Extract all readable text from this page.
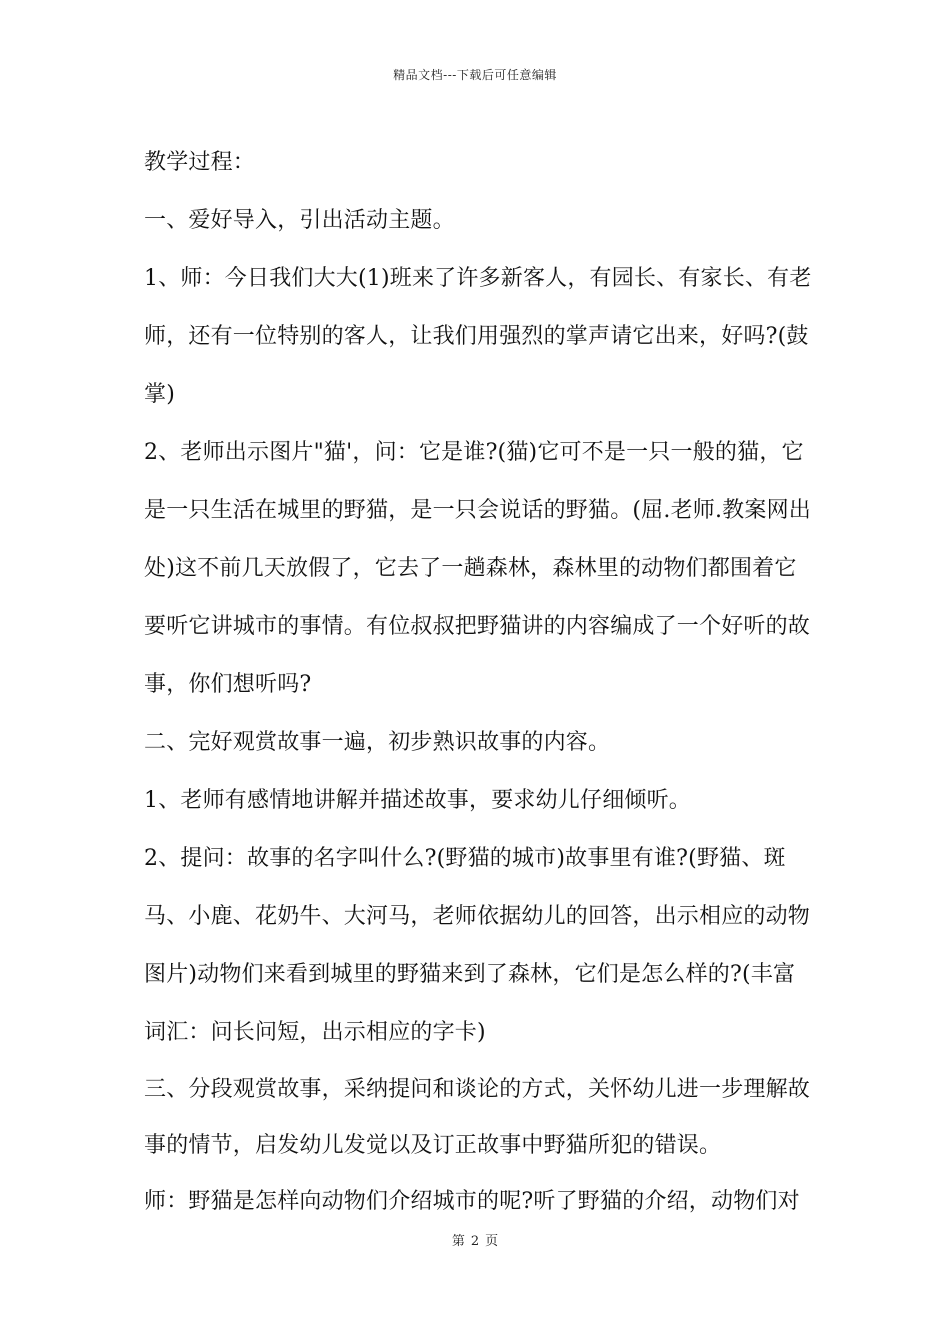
精品文档---下载后可任意编辑

教学过程：

一、爱好导入，引出活动主题。

1、师：今日我们大大(1)班来了许多新客人，有园长、有家长、有老师，还有一位特别的客人，让我们用强烈的掌声请它出来，好吗?(鼓掌)

2、老师出示图片"猫'，问：它是谁?(猫)它可不是一只一般的猫，它是一只生活在城里的野猫，是一只会说话的野猫。(屈.老师.教案网出处)这不前几天放假了，它去了一趟森林，森林里的动物们都围着它要听它讲城市的事情。有位叔叔把野猫讲的内容编成了一个好听的故事，你们想听吗?

二、完好观赏故事一遍，初步熟识故事的内容。

1、老师有感情地讲解并描述故事，要求幼儿仔细倾听。

2、提问：故事的名字叫什么?(野猫的城市)故事里有谁?(野猫、斑马、小鹿、花奶牛、大河马，老师依据幼儿的回答，出示相应的动物图片)动物们来看到城里的野猫来到了森林，它们是怎么样的?(丰富词汇：问长问短，出示相应的字卡)

三、分段观赏故事，采纳提问和谈论的方式，关怀幼儿进一步理解故事的情节，启发幼儿发觉以及订正故事中野猫所犯的错误。

师：野猫是怎样向动物们介绍城市的呢?听了野猫的介绍，动物们对

第 2 页
